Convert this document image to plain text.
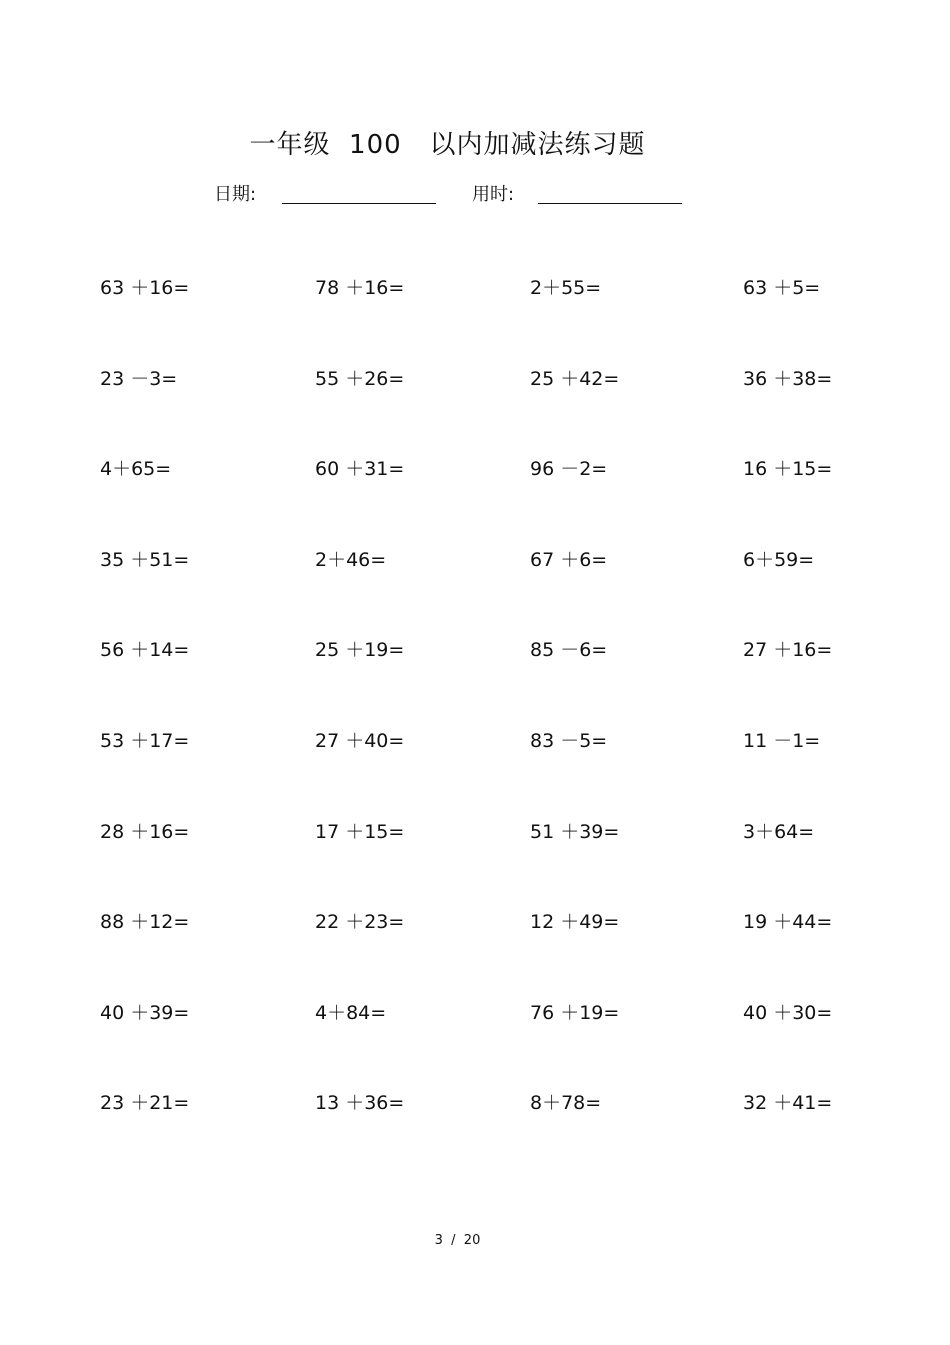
一年级  100   以内加减法练习题
日期:	用时:
63 ＋16=	78 ＋16=	2＋55=	63 ＋5=
23 －3=	55 ＋26=	25 ＋42=	36 ＋38=
4＋65=	60 ＋31=	96 －2=	16 ＋15=
35 ＋51=	2＋46=	67 ＋6=	6＋59=
56 ＋14=	25 ＋19=	85 －6=	27 ＋16=
53 ＋17=	27 ＋40=	83 －5=	11 －1=
28 ＋16=	17 ＋15=	51 ＋39=	3＋64=
88 ＋12=	22 ＋23=	12 ＋49=	19 ＋44=
40 ＋39=	4＋84=	76 ＋19=	40 ＋30=
23 ＋21=	13 ＋36=	8＋78=	32 ＋41=
3  /  20
